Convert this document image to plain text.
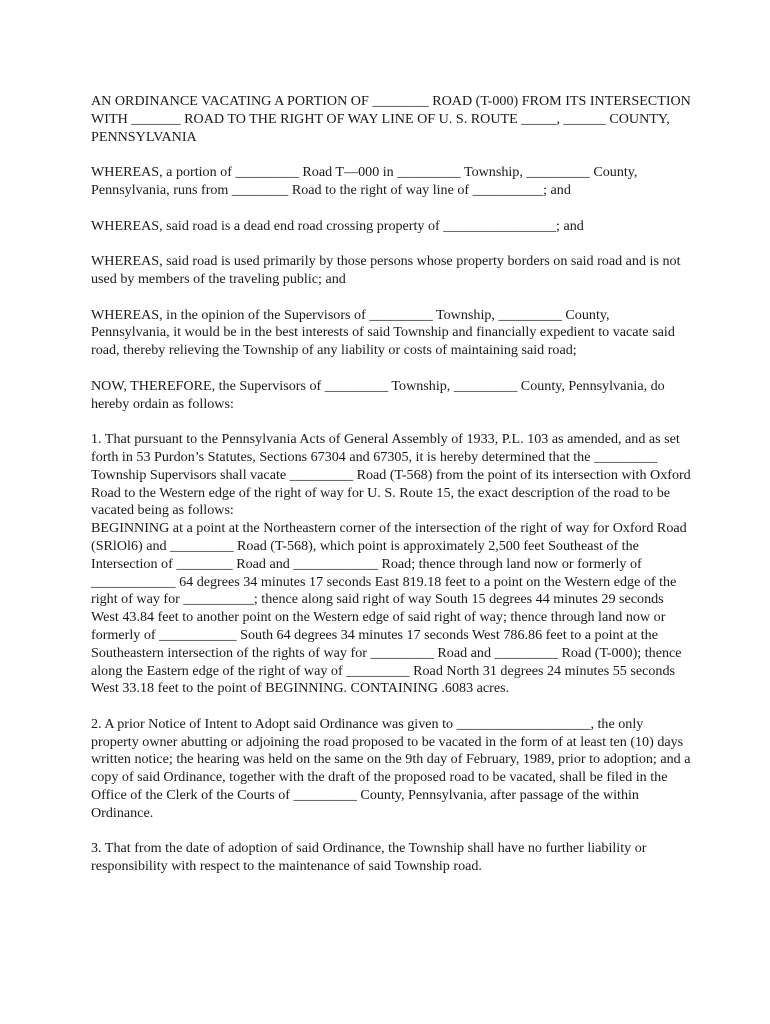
AN ORDINANCE VACATING A PORTION OF ________ ROAD (T-000) FROM ITS INTERSECTION WITH _______ ROAD TO THE RIGHT OF WAY LINE OF U. S. ROUTE _____, ______ COUNTY, PENNSYLVANIA

WHEREAS, a portion of _________ Road T—000 in _________ Township, _________ County, Pennsylvania, runs from ________ Road to the right of way line of __________; and

WHEREAS, said road is a dead end road crossing property of ________________; and

WHEREAS, said road is used primarily by those persons whose property borders on said road and is not used by members of the traveling public; and

WHEREAS, in the opinion of the Supervisors of _________ Township, _________ County, Pennsylvania, it would be in the best interests of said Township and financially expedient to vacate said road, thereby relieving the Township of any liability or costs of maintaining said road;

NOW, THEREFORE, the Supervisors of _________ Township, _________ County, Pennsylvania, do hereby ordain as follows:

1. That pursuant to the Pennsylvania Acts of General Assembly of 1933, P.L. 103 as amended, and as set forth in 53 Purdon’s Statutes, Sections 67304 and 67305, it is hereby determined that the _________ Township Supervisors shall vacate _________ Road (T-568) from the point of its intersection with Oxford Road to the Western edge of the right of way for U. S. Route 15, the exact description of the road to be vacated being as follows:

BEGINNING at a point at the Northeastern corner of the intersection of the right of way for Oxford Road (SRlOl6) and _________ Road (T-568), which point is approximately 2,500 feet Southeast of the Intersection of ________ Road and ____________ Road; thence through land now or formerly of ____________ 64 degrees 34 minutes 17 seconds East 819.18 feet to a point on the Western edge of the right of way for __________; thence along said right of way South 15 degrees 44 minutes 29 seconds West 43.84 feet to another point on the Western edge of said right of way; thence through land now or formerly of ___________ South 64 degrees 34 minutes 17 seconds West 786.86 feet to a point at the Southeastern intersection of the rights of way for _________ Road and _________ Road (T-000); thence along the Eastern edge of the right of way of _________ Road North 31 degrees 24 minutes 55 seconds West 33.18 feet to the point of BEGINNING. CONTAINING .6083 acres.

2. A prior Notice of Intent to Adopt said Ordinance was given to ___________________, the only property owner abutting or adjoining the road proposed to be vacated in the form of at least ten (10) days written notice; the hearing was held on the same on the 9th day of February, 1989, prior to adoption; and a copy of said Ordinance, together with the draft of the proposed road to be vacated, shall be filed in the Office of the Clerk of the Courts of _________ County, Pennsylvania, after passage of the within Ordinance.

3. That from the date of adoption of said Ordinance, the Township shall have no further liability or responsibility with respect to the maintenance of said Township road.
